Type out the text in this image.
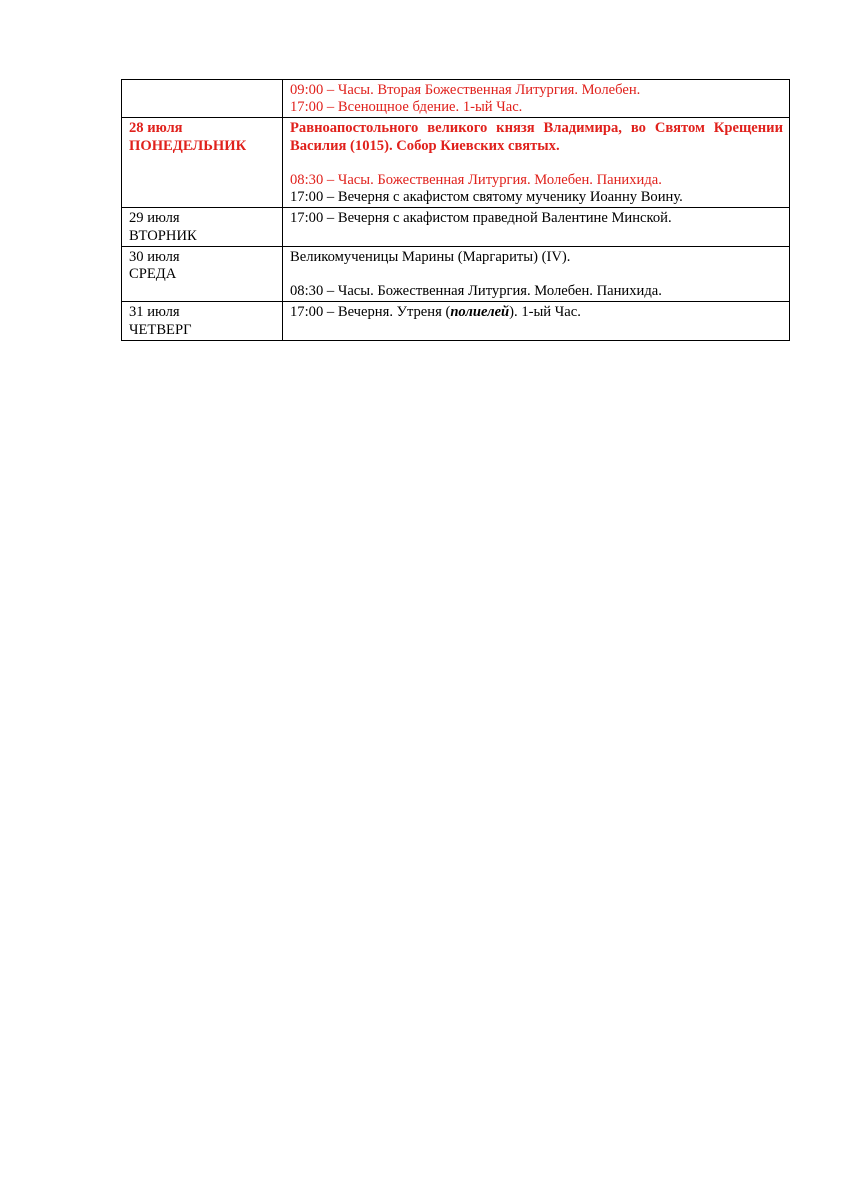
	09:00 – Часы. Вторая Божественная Литургия. Молебен.
17:00 – Всенощное бдение. 1-ый Час.

28 июля
ПОНЕДЕЛЬНИК	Равноапостольного великого князя Владимира, во Святом Крещении Василия (1015). Собор Киевских святых.
08:30 – Часы. Божественная Литургия. Молебен. Панихида.
17:00 – Вечерня с акафистом святому мученику Иоанну Воину.

29 июля
ВТОРНИК	17:00 – Вечерня с акафистом праведной Валентине Минской.

30 июля
СРЕДА	Великомученицы Марины (Маргариты) (IV).
08:30 – Часы. Божественная Литургия. Молебен. Панихида.

31 июля
ЧЕТВЕРГ	17:00 – Вечерня. Утреня (полиелей). 1-ый Час.
